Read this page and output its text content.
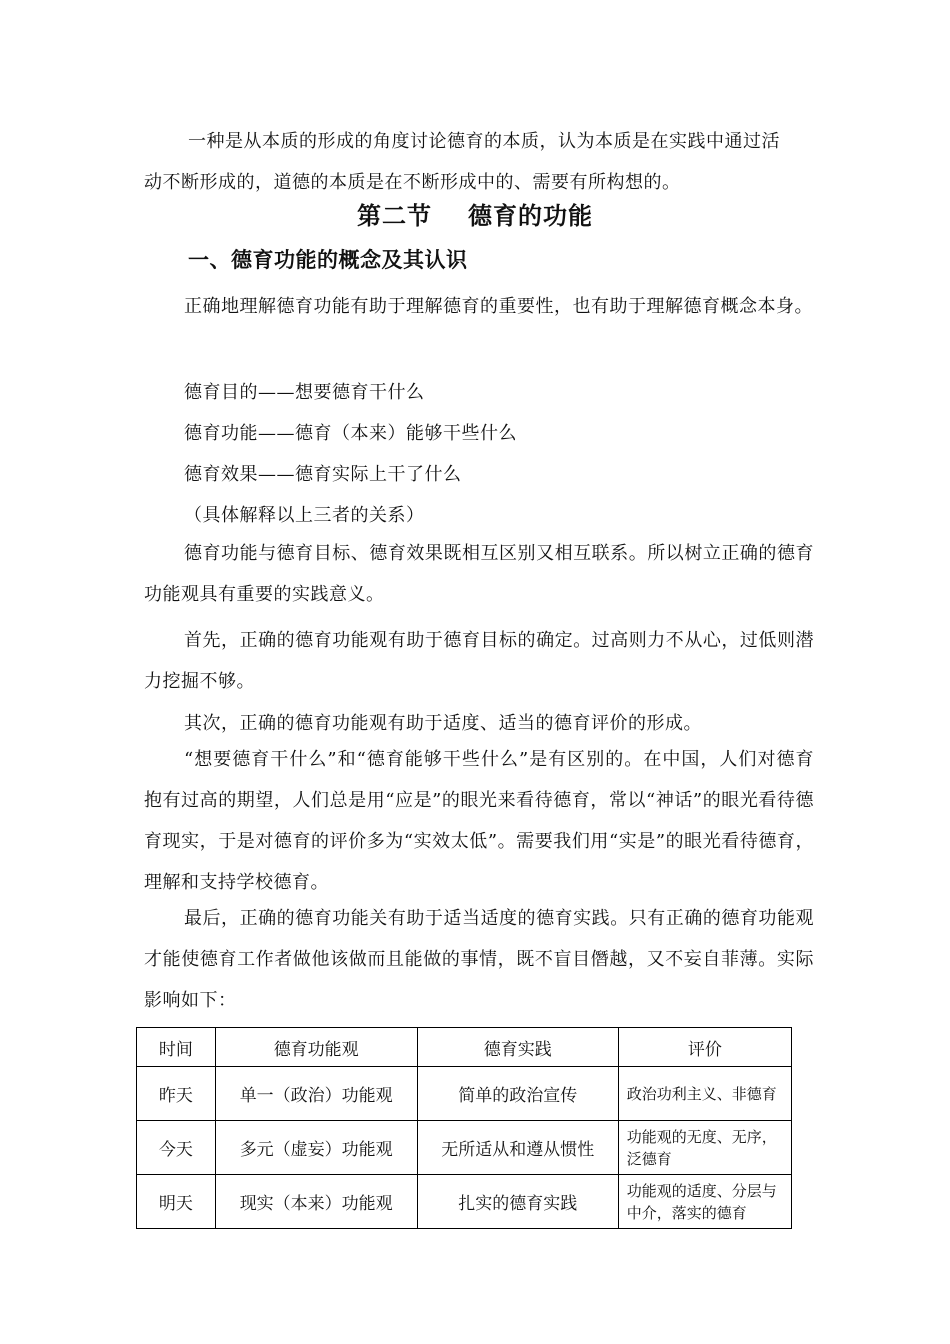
一种是从本质的形成的角度讨论德育的本质，认为本质是在实践中通过活

动不断形成的，道德的本质是在不断形成中的、需要有所构想的。

第二节 德育的功能
一、德育功能的概念及其认识

正确地理解德育功能有助于理解德育的重要性，也有助于理解德育概念本身。

德育目的——想要德育干什么

德育功能——德育（本来）能够干些什么

德育效果——德育实际上干了什么

（具体解释以上三者的关系）

德育功能与德育目标、德育效果既相互区别又相互联系。所以树立正确的德育功能观具有重要的实践意义。

首先，正确的德育功能观有助于德育目标的确定。过高则力不从心，过低则潜力挖掘不够。

其次，正确的德育功能观有助于适度、适当的德育评价的形成。

“想要德育干什么”和“德育能够干些什么”是有区别的。在中国，人们对德育抱有过高的期望，人们总是用“应是”的眼光来看待德育，常以“神话”的眼光看待德育现实，于是对德育的评价多为“实效太低”。需要我们用“实是”的眼光看待德育，理解和支持学校德育。

最后，正确的德育功能关有助于适当适度的德育实践。只有正确的德育功能观才能使德育工作者做他该做而且能做的事情，既不盲目僭越，又不妄自菲薄。实际影响如下：

时间	德育功能观	德育实践	评价
昨天	单一（政治）功能观	简单的政治宣传	政治功利主义、非德育
今天	多元（虚妄）功能观	无所适从和遵从惯性	功能观的无度、无序，泛德育
明天	现实（本来）功能观	扎实的德育实践	功能观的适度、分层与中介，落实的德育
